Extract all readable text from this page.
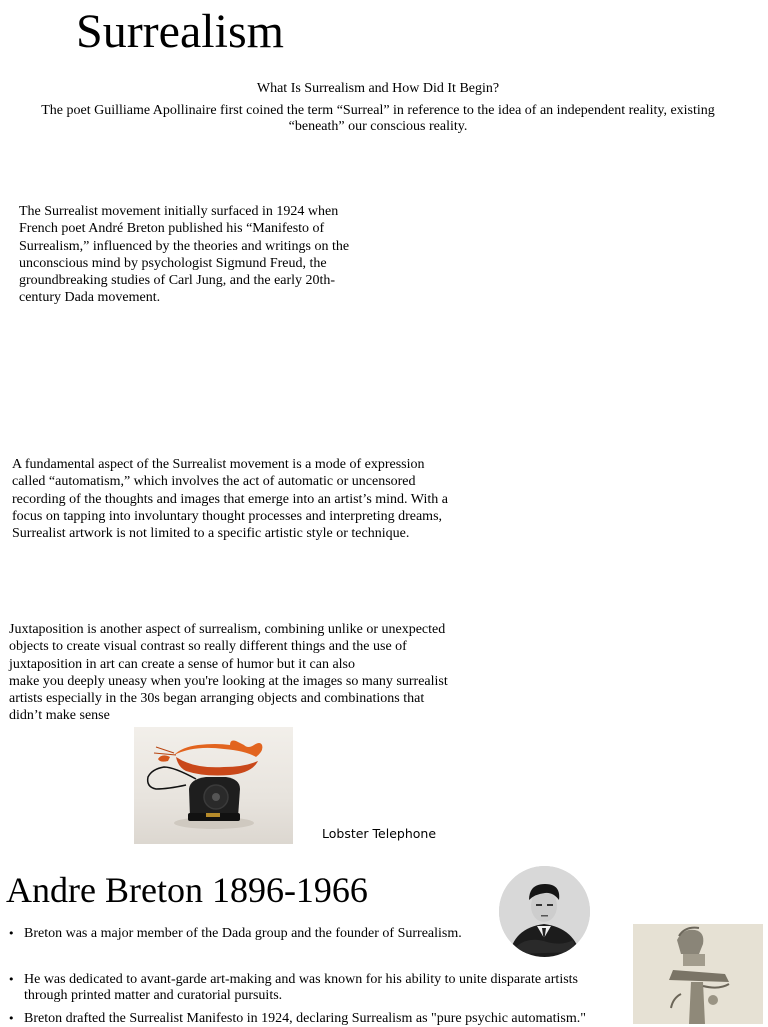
Surrealism
What Is Surrealism and How Did It Begin?
The poet Guilliame Apollinaire first coined the term “Surreal” in reference to the idea of an independent reality, existing “beneath” our conscious reality.
The Surrealist movement initially surfaced in 1924 when
French poet André Breton published his “Manifesto of
Surrealism,” influenced by the theories and writings on the
unconscious mind by psychologist Sigmund Freud, the
groundbreaking studies of Carl Jung, and the early 20th-
century Dada movement.
A fundamental aspect of the Surrealist movement is a mode of expression
called “automatism,” which involves the act of automatic or uncensored
recording of the thoughts and images that emerge into an artist’s mind. With a
focus on tapping into involuntary thought processes and interpreting dreams,
Surrealist artwork is not limited to a specific artistic style or technique.
Juxtaposition is another aspect of surrealism, combining unlike or unexpected
objects to create visual contrast so really different things and the use of
juxtaposition in art can create a sense of humor but it can also
make you deeply uneasy when you're looking at the images so many surrealist
artists especially in the 30s began arranging objects and combinations that
didn’t make sense
Lobster Telephone
Andre Breton 1896-1966
• Breton was a major member of the Dada group and the founder of Surrealism.
• He was dedicated to avant-garde art-making and was known for his ability to unite disparate artists through printed matter and curatorial pursuits.
• Breton drafted the Surrealist Manifesto in 1924, declaring Surrealism as "pure psychic automatism."
